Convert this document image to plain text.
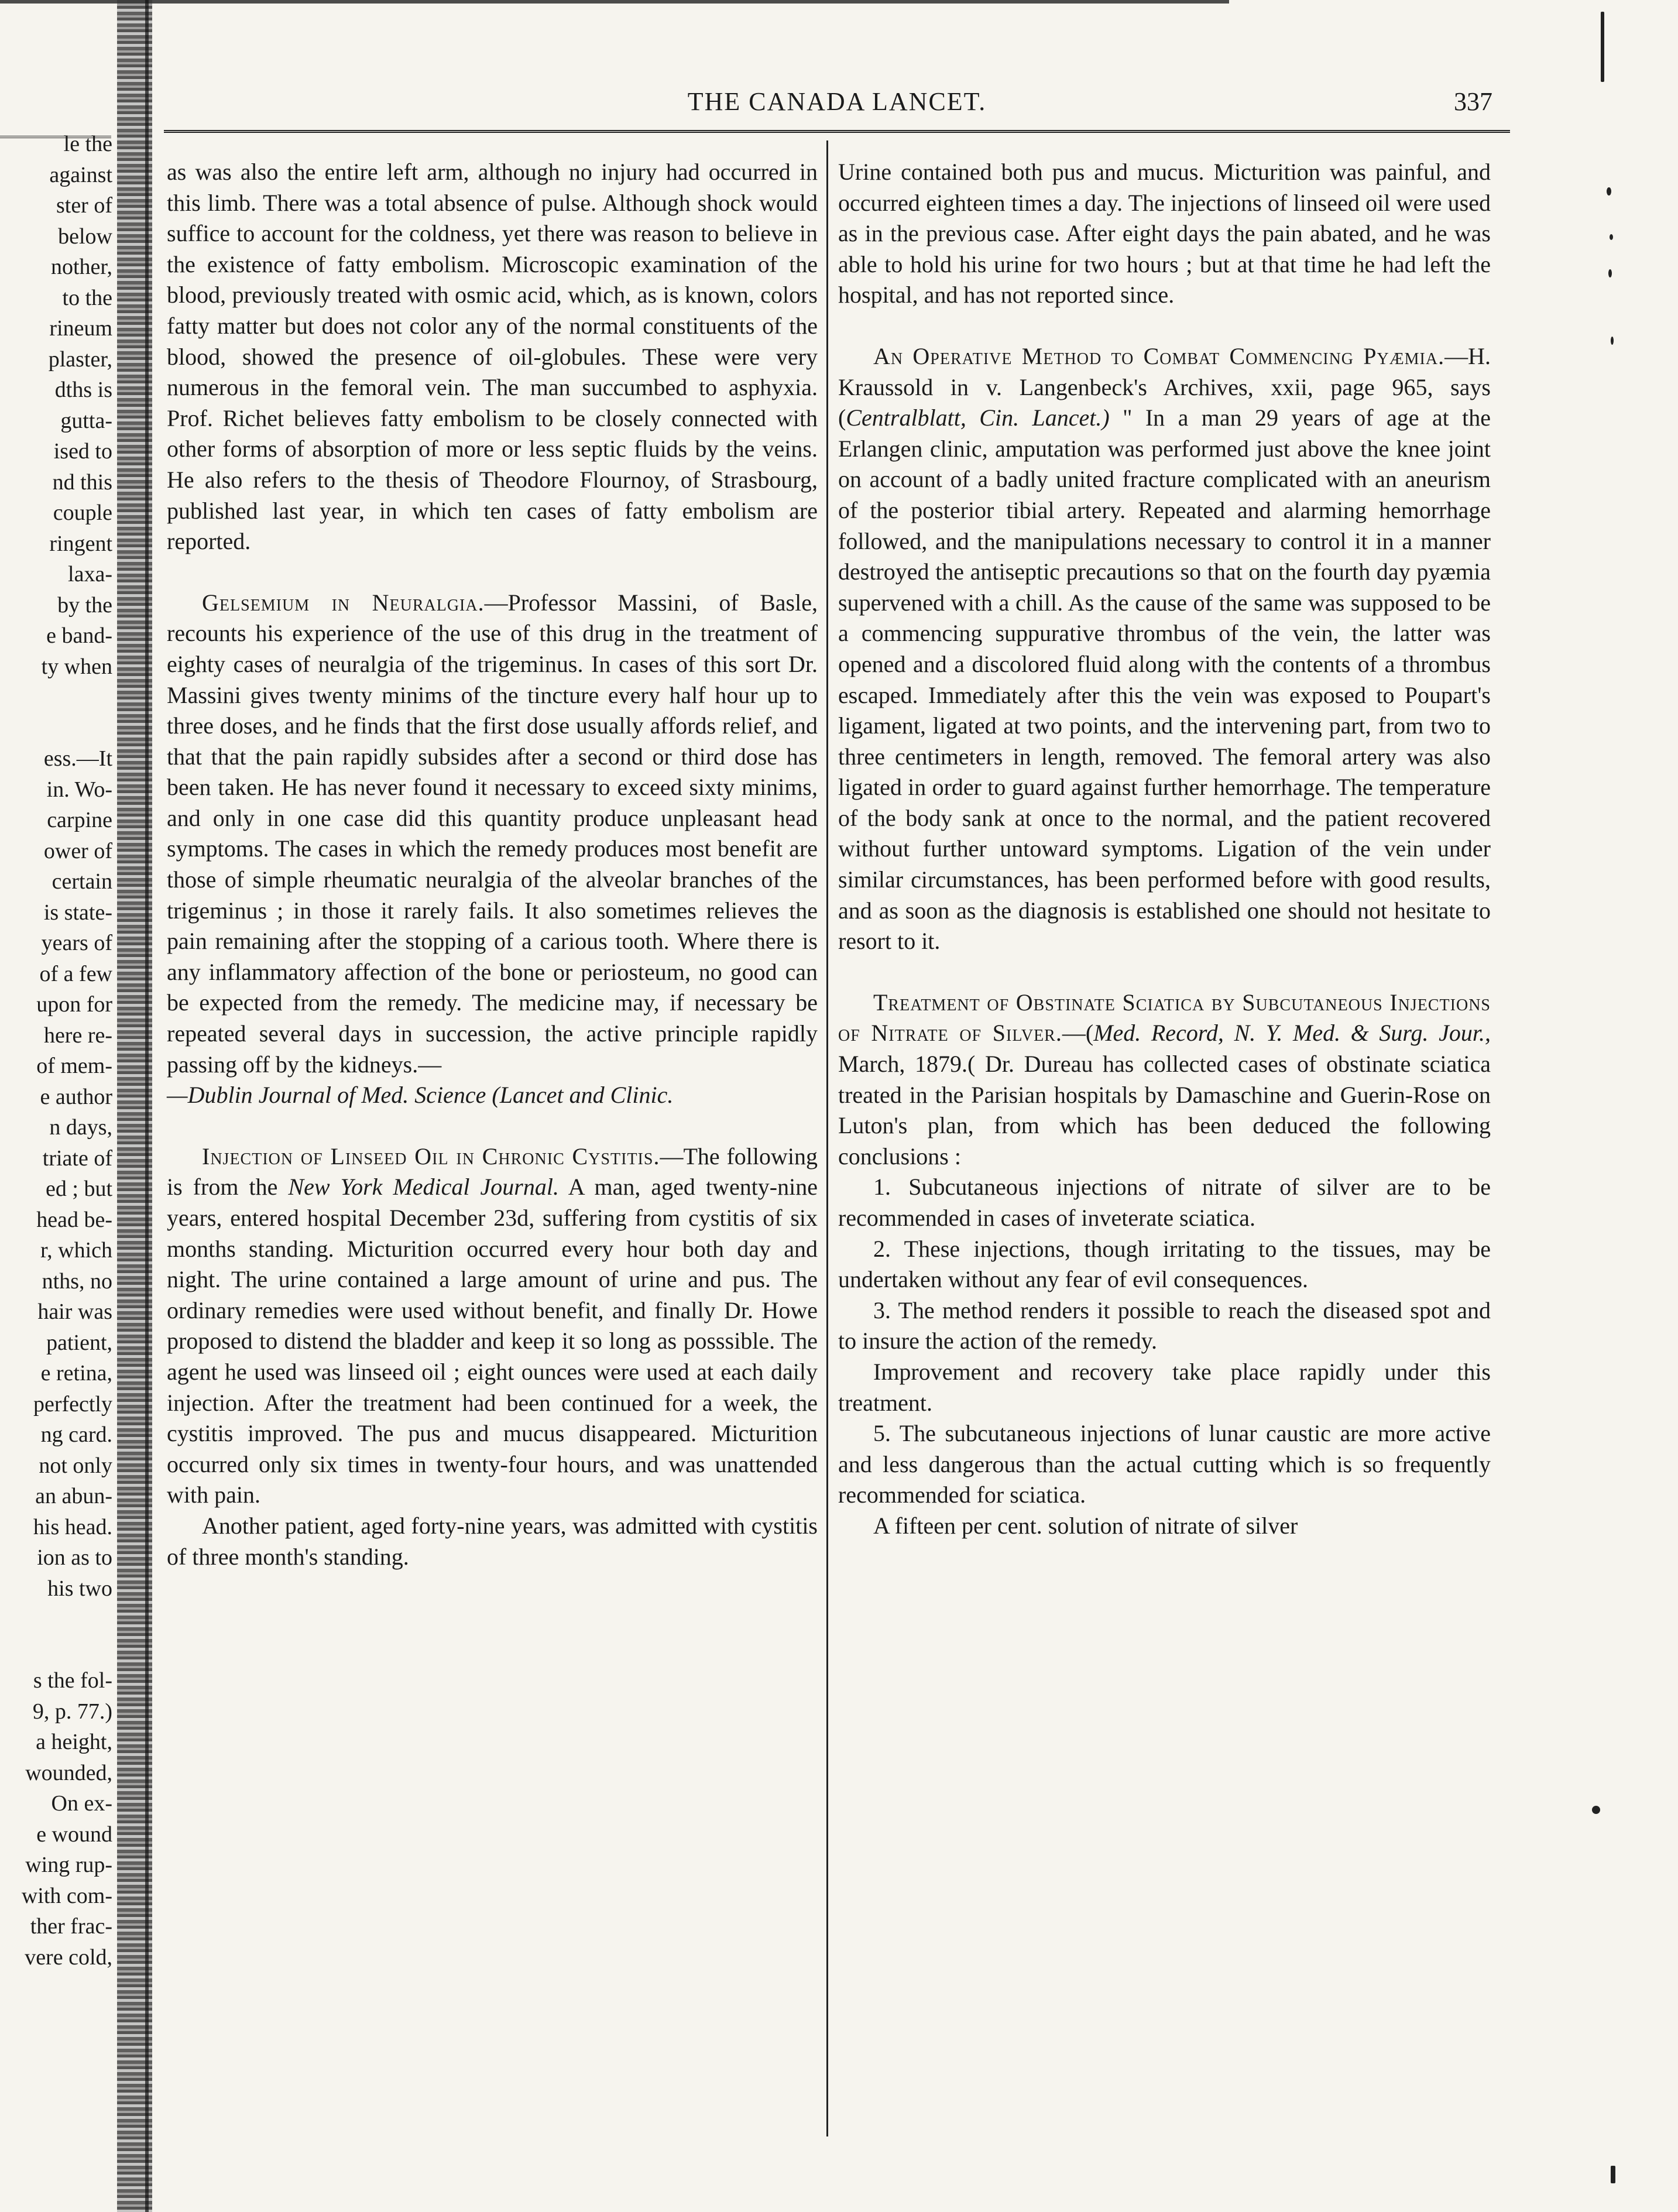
le the
against
ster of
below
nother,
to the
rineum
plaster,
dths is
gutta-
ised to
nd this
couple
ringent
laxa-
by the
e band-
ty when
ess.—It
in. Wo-
carpine
ower of
certain
is state-
years of
of a few
upon for
here re-
of mem-
e author
n days,
triate of
ed ; but
head be-
r, which
nths, no
hair was
patient,
e retina,
perfectly
ng card.
not only
an abun-
his head.
ion as to
his two
s the fol-
9, p. 77.)
a height,
wounded,
On ex-
e wound
wing rup-
with com-
ther frac-
vere cold,
THE CANADA LANCET.	337

as was also the entire left arm, although no injury had occurred in this limb. There was a total absence of pulse. Although shock would suffice to account for the coldness, yet there was reason to believe in the existence of fatty embolism. Microscopic examination of the blood, previously treated with osmic acid, which, as is known, colors fatty matter but does not color any of the normal constituents of the blood, showed the presence of oil-globules. These were very numerous in the femoral vein. The man succumbed to asphyxia. Prof. Richet believes fatty embolism to be closely connected with other forms of absorption of more or less septic fluids by the veins. He also refers to the thesis of Theodore Flournoy, of Strasbourg, published last year, in which ten cases of fatty embolism are reported.

Gelsemium in Neuralgia.—Professor Massini, of Basle, recounts his experience of the use of this drug in the treatment of eighty cases of neuralgia of the trigeminus. In cases of this sort Dr. Massini gives twenty minims of the tincture every half hour up to three doses, and he finds that the first dose usually affords relief, and that that the pain rapidly subsides after a second or third dose has been taken. He has never found it necessary to exceed sixty minims, and only in one case did this quantity produce unpleasant head symptoms. The cases in which the remedy produces most benefit are those of simple rheumatic neuralgia of the alveolar branches of the trigeminus ; in those it rarely fails. It also sometimes relieves the pain remaining after the stopping of a carious tooth. Where there is any inflammatory affection of the bone or periosteum, no good can be expected from the remedy. The medicine may, if necessary be repeated several days in succession, the active principle rapidly passing off by the kidneys.—

—Dublin Journal of Med. Science (Lancet and Clinic.

Injection of Linseed Oil in Chronic Cystitis.—The following is from the New York Medical Journal. A man, aged twenty-nine years, entered hospital December 23d, suffering from cystitis of six months standing. Micturition occurred every hour both day and night. The urine contained a large amount of urine and pus. The ordinary remedies were used without benefit, and finally Dr. Howe proposed to distend the bladder and keep it so long as posssible. The agent he used was linseed oil ; eight ounces were used at each daily injection. After the treatment had been continued for a week, the cystitis improved. The pus and mucus disappeared. Micturition occurred only six times in twenty-four hours, and was unattended with pain.

Another patient, aged forty-nine years, was admitted with cystitis of three month's standing.

Urine contained both pus and mucus. Micturition was painful, and occurred eighteen times a day. The injections of linseed oil were used as in the previous case. After eight days the pain abated, and he was able to hold his urine for two hours ; but at that time he had left the hospital, and has not reported since.

An Operative Method to Combat Commencing Pyæmia.—H. Kraussold in v. Langenbeck's Archives, xxii, page 965, says (Centralblatt, Cin. Lancet.) " In a man 29 years of age at the Erlangen clinic, amputation was performed just above the knee joint on account of a badly united fracture complicated with an aneurism of the posterior tibial artery. Repeated and alarming hemorrhage followed, and the manipulations necessary to control it in a manner destroyed the antiseptic precautions so that on the fourth day pyæmia supervened with a chill. As the cause of the same was supposed to be a commencing suppurative thrombus of the vein, the latter was opened and a discolored fluid along with the contents of a thrombus escaped. Immediately after this the vein was exposed to Poupart's ligament, ligated at two points, and the intervening part, from two to three centimeters in length, removed. The femoral artery was also ligated in order to guard against further hemorrhage. The temperature of the body sank at once to the normal, and the patient recovered without further untoward symptoms. Ligation of the vein under similar circumstances, has been performed before with good results, and as soon as the diagnosis is established one should not hesitate to resort to it.

Treatment of Obstinate Sciatica by Subcutaneous Injections of Nitrate of Silver.—(Med. Record, N. Y. Med. & Surg. Jour., March, 1879.( Dr. Dureau has collected cases of obstinate sciatica treated in the Parisian hospitals by Damaschine and Guerin-Rose on Luton's plan, from which has been deduced the following conclusions :

1. Subcutaneous injections of nitrate of silver are to be recommended in cases of inveterate sciatica.

2. These injections, though irritating to the tissues, may be undertaken without any fear of evil consequences.

3. The method renders it possible to reach the diseased spot and to insure the action of the remedy.

Improvement and recovery take place rapidly under this treatment.

5. The subcutaneous injections of lunar caustic are more active and less dangerous than the actual cutting which is so frequently recommended for sciatica.

A fifteen per cent. solution of nitrate of silver
